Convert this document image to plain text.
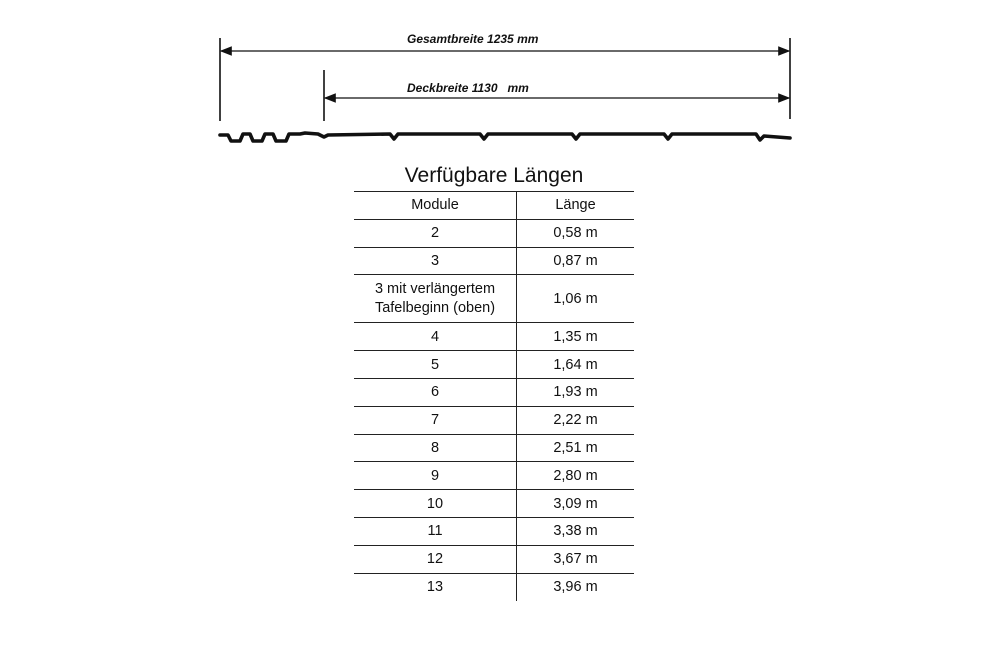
Gesamtbreite 1235 mm
Deckbreite 1130   mm
Verfügbare Längen
Module	Länge
2	0,58 m
3	0,87 m
3 mit verlängertem Tafelbeginn (oben)	1,06 m
4	1,35 m
5	1,64 m
6	1,93 m
7	2,22 m
8	2,51 m
9	2,80 m
10	3,09 m
11	3,38 m
12	3,67 m
13	3,96 m
